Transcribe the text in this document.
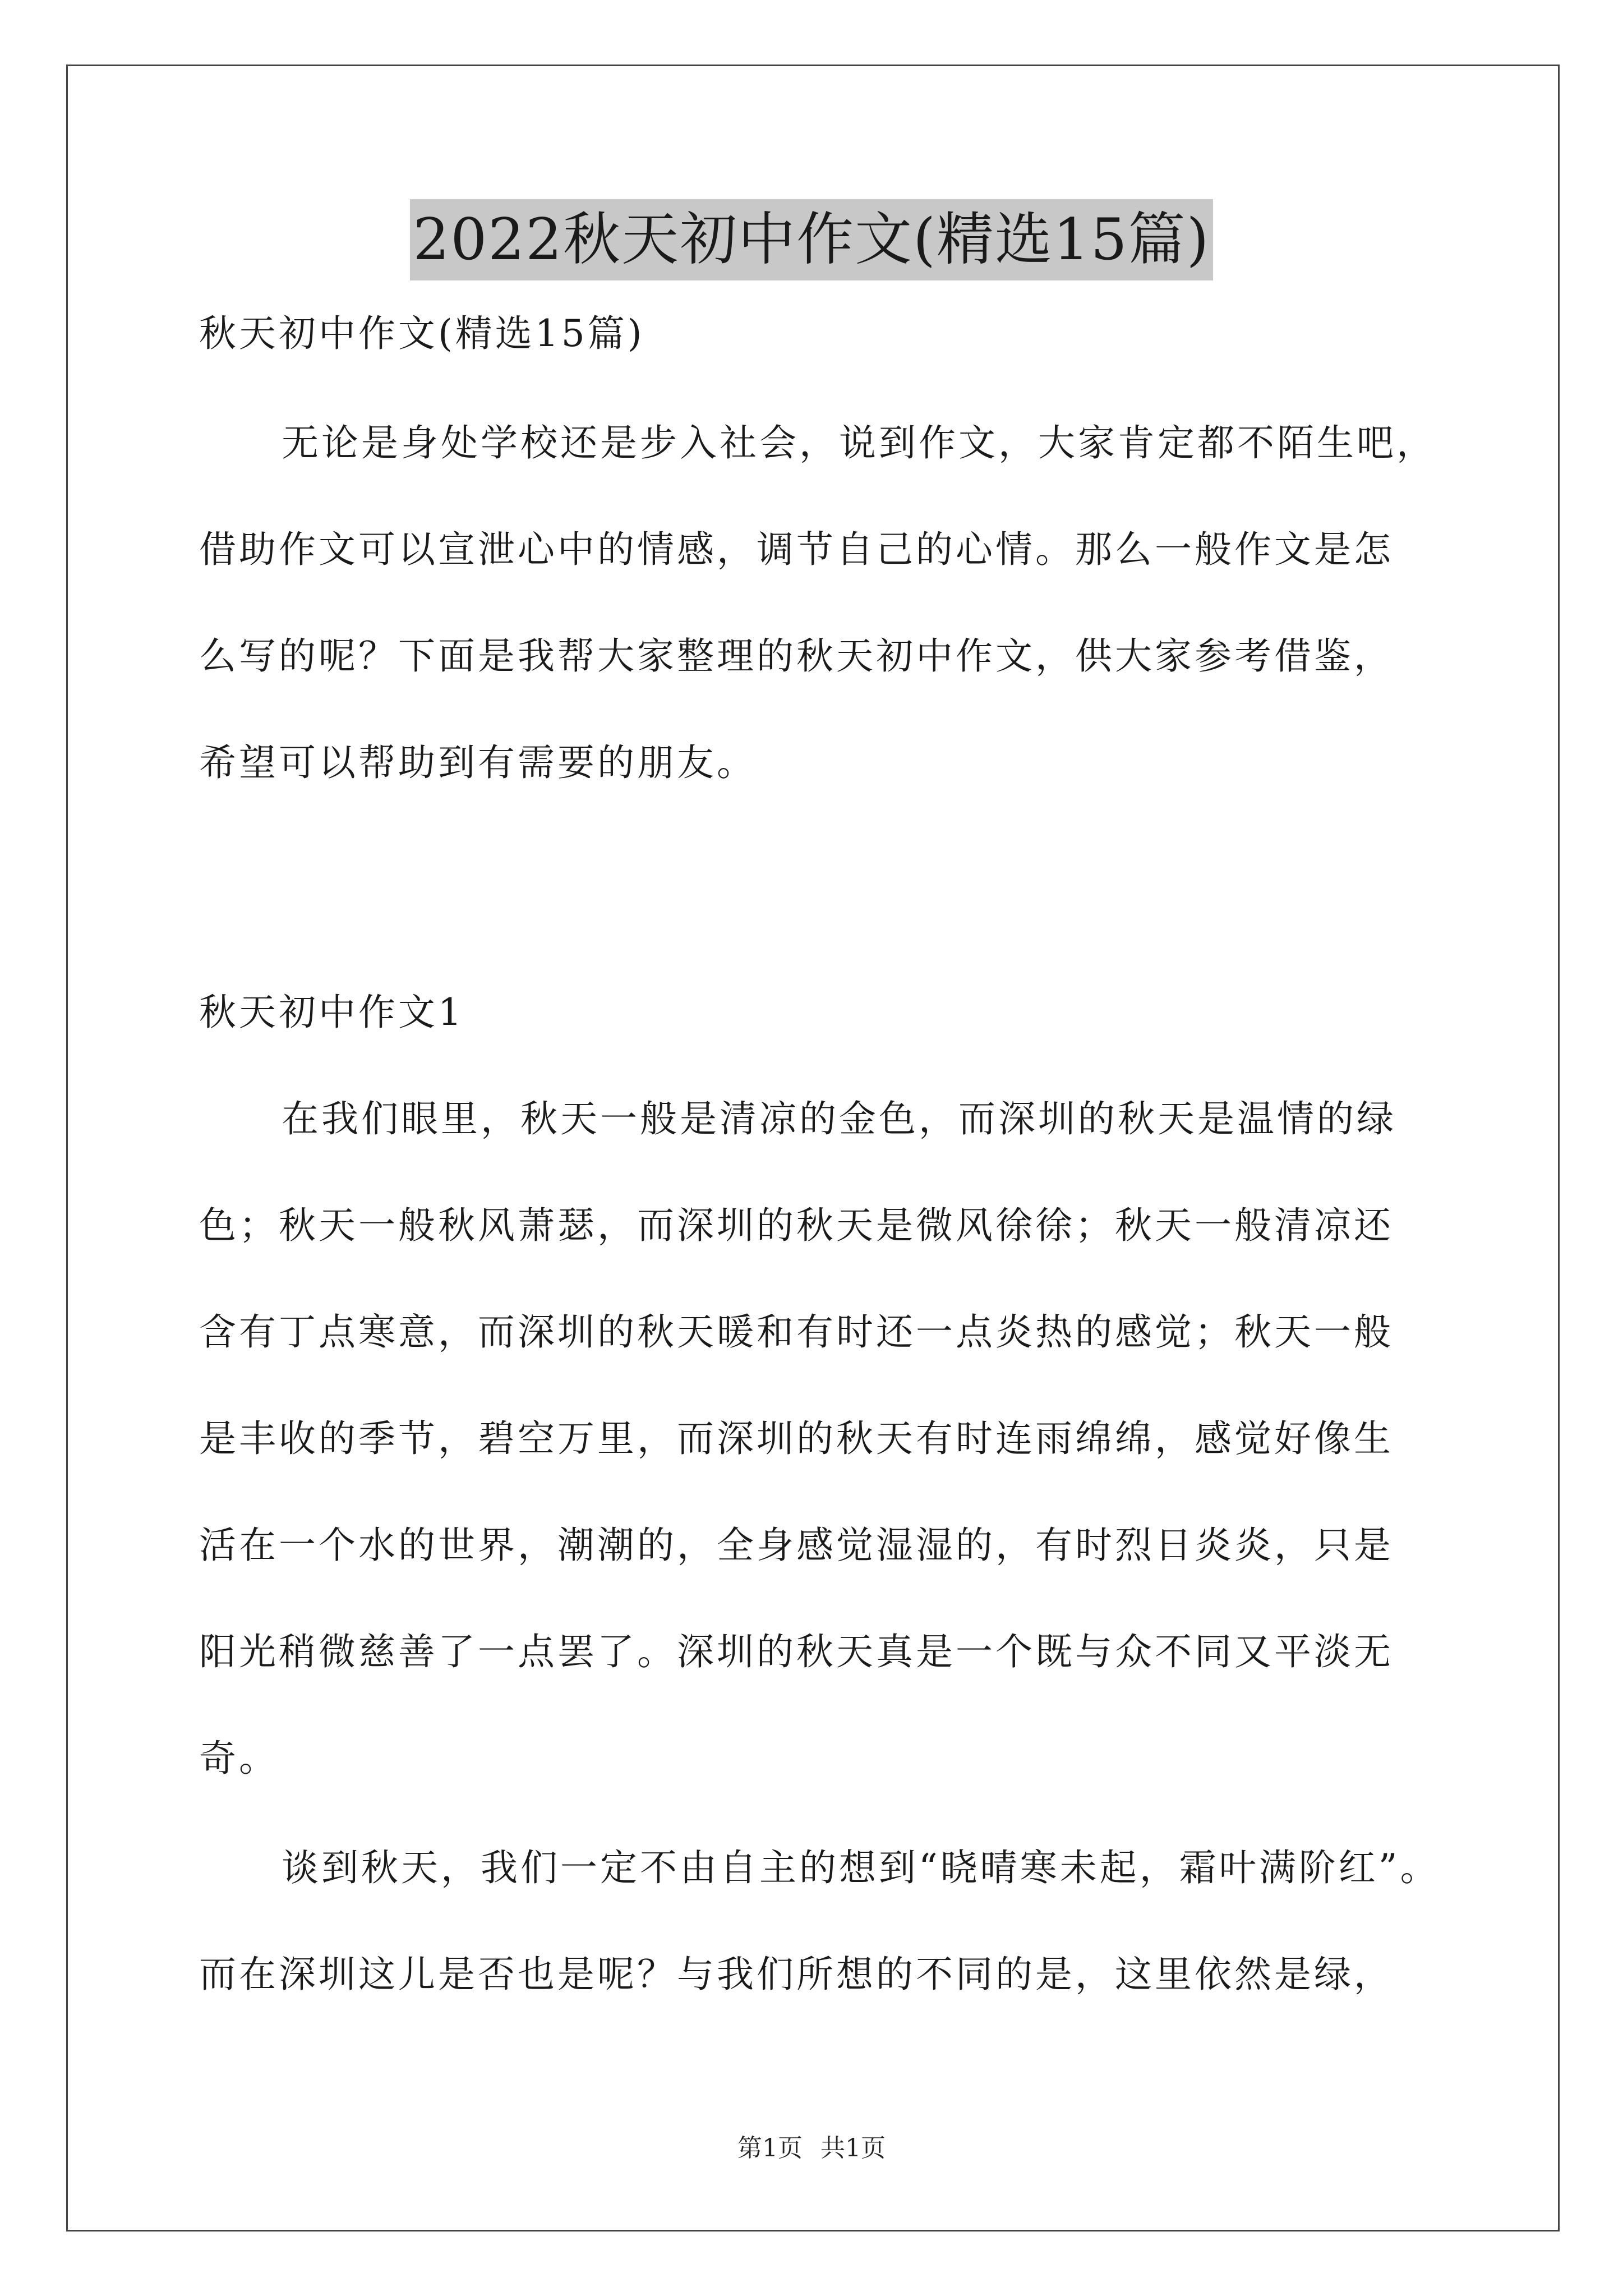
2022秋天初中作文(精选15篇)
秋天初中作文(精选15篇)
无论是身处学校还是步入社会，说到作文，大家肯定都不陌生吧，
借助作文可以宣泄心中的情感，调节自己的心情。那么一般作文是怎
么写的呢？下面是我帮大家整理的秋天初中作文，供大家参考借鉴，
希望可以帮助到有需要的朋友。
秋天初中作文1
在我们眼里，秋天一般是清凉的金色，而深圳的秋天是温情的绿
色；秋天一般秋风萧瑟，而深圳的秋天是微风徐徐；秋天一般清凉还
含有丁点寒意，而深圳的秋天暖和有时还一点炎热的感觉；秋天一般
是丰收的季节，碧空万里，而深圳的秋天有时连雨绵绵，感觉好像生
活在一个水的世界，潮潮的，全身感觉湿湿的，有时烈日炎炎，只是
阳光稍微慈善了一点罢了。深圳的秋天真是一个既与众不同又平淡无
奇。
谈到秋天，我们一定不由自主的想到“晓晴寒未起，霜叶满阶红”。
而在深圳这儿是否也是呢？与我们所想的不同的是，这里依然是绿，
第1页 共1页
